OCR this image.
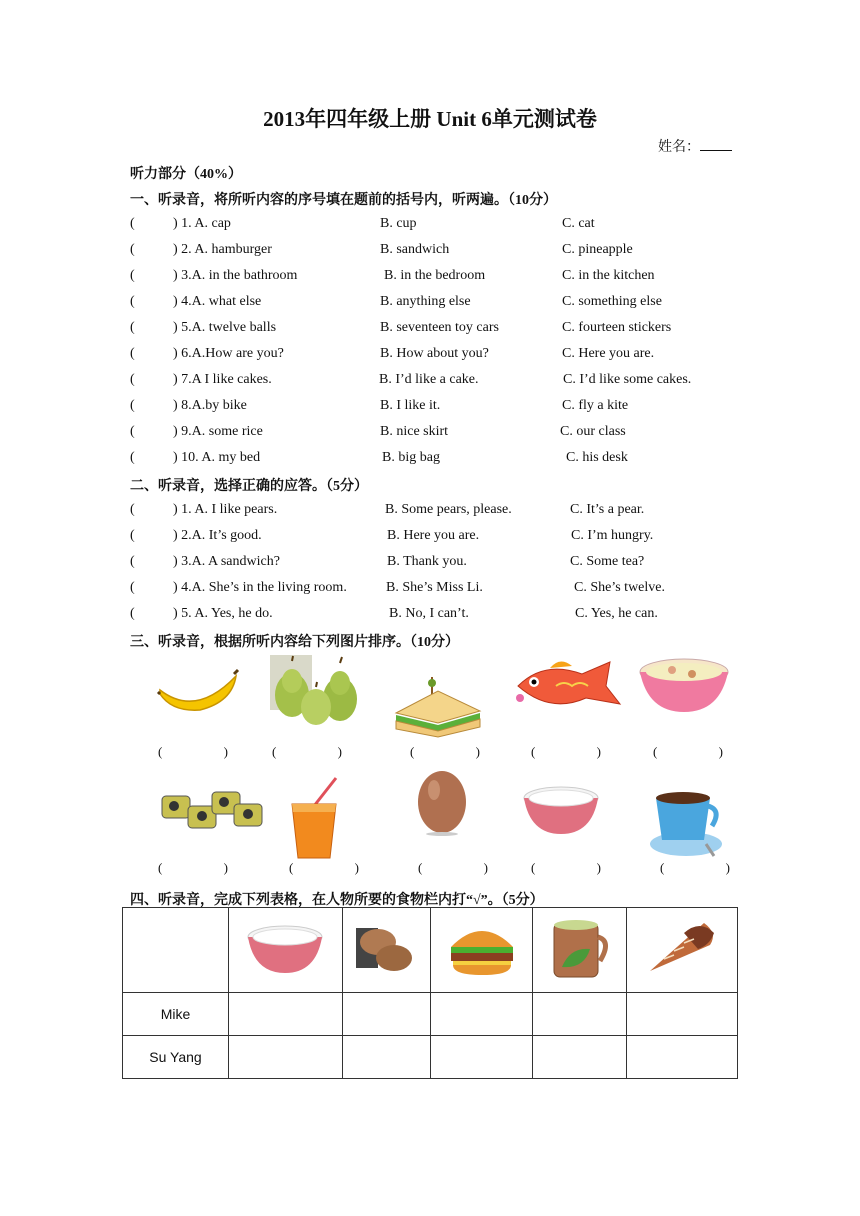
2013年四年级上册 Unit 6单元测试卷
姓名：
听力部分（40%）
一、听录音，将所听内容的序号填在题前的括号内，听两遍。（10分）
(	) 1. A. cap	B. cup	C. cat
(	) 2. A. hamburger	B. sandwich	C. pineapple
(	) 3.A. in the bathroom	B. in the bedroom	C. in the kitchen
(	) 4.A. what else	B. anything else	C. something else
(	) 5.A. twelve balls	B. seventeen toy cars	C. fourteen stickers
(	) 6.A.How are you?	B. How about you?	C. Here you are.
(	) 7.A I like cakes.	B. I’d like a cake.	C. I’d like some cakes.
(	) 8.A.by bike	B. I like it.	C. fly a kite
(	) 9.A. some rice	B. nice skirt	C. our class
(	) 10. A. my bed	B. big bag	C. his desk
二、听录音，选择正确的应答。（5分）
(	) 1. A. I like pears.	B. Some pears, please.	C. It’s a pear.
(	) 2.A. It’s good.	B. Here you are.	C. I’m hungry.
(	) 3.A. A sandwich?	B. Thank you.	C. Some tea?
(	) 4.A. She’s in the living room.	B. She’s Miss Li.	C. She’s twelve.
(	) 5. A. Yes, he do.	B. No, I can’t.	C. Yes, he can.
三、听录音，根据所听内容给下列图片排序。（10分）
(	)	(	)	(	)	(	)	(	)
(	)	(	)	(	)	(	)	(	)
四、听录音，完成下列表格，在人物所要的食物栏内打“√”。（5分）

Mike					
Su Yang					
